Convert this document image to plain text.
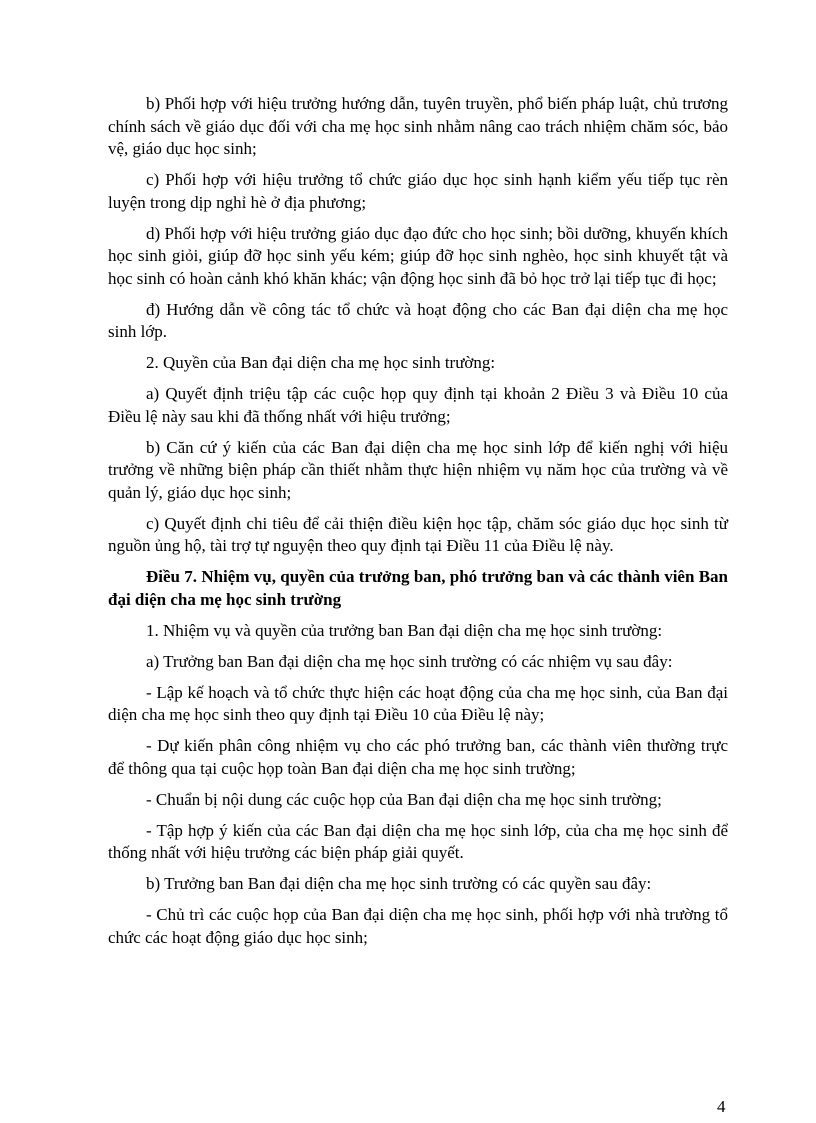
b) Phối hợp với hiệu trưởng hướng dẫn, tuyên truyền, phổ biến pháp luật, chủ trương chính sách về giáo dục đối với cha mẹ học sinh nhằm nâng cao trách nhiệm chăm sóc, bảo vệ, giáo dục học sinh;

c) Phối hợp với hiệu trưởng tổ chức giáo dục học sinh hạnh kiểm yếu tiếp tục rèn luyện trong dịp nghỉ hè ở địa phương;

d) Phối hợp với hiệu trưởng giáo dục đạo đức cho học sinh; bồi dưỡng, khuyến khích học sinh giỏi, giúp đỡ học sinh yếu kém; giúp đỡ học sinh nghèo, học sinh khuyết tật và học sinh có hoàn cảnh khó khăn khác; vận động học sinh đã bỏ học trở lại tiếp tục đi học;

đ) Hướng dẫn về công tác tổ chức và hoạt động cho các Ban đại diện cha mẹ học sinh lớp.

2. Quyền của Ban đại diện cha mẹ học sinh trường:

a) Quyết định triệu tập các cuộc họp quy định tại khoản 2 Điều 3 và Điều 10 của Điều lệ này sau khi đã thống nhất với hiệu trưởng;

b) Căn cứ ý kiến của các Ban đại diện cha mẹ học sinh lớp để kiến nghị với hiệu trưởng về những biện pháp cần thiết nhằm thực hiện nhiệm vụ năm học của trường và về quản lý, giáo dục học sinh;

c) Quyết định chi tiêu để cải thiện điều kiện học tập, chăm sóc giáo dục học sinh từ nguồn ủng hộ, tài trợ tự nguyện theo quy định tại Điều 11 của Điều lệ này.

Điều 7. Nhiệm vụ, quyền của trưởng ban, phó trưởng ban và các thành viên Ban đại diện cha mẹ học sinh trường

1. Nhiệm vụ và quyền của trưởng ban Ban đại diện cha mẹ học sinh trường:

a) Trưởng ban Ban đại diện cha mẹ học sinh trường có các nhiệm vụ sau đây:

- Lập kế hoạch và tổ chức thực hiện các hoạt động của cha mẹ học sinh, của Ban đại diện cha mẹ học sinh theo quy định tại Điều 10 của Điều lệ này;

- Dự kiến phân công nhiệm vụ cho các phó trưởng ban, các thành viên thường trực để thông qua tại cuộc họp toàn Ban đại diện cha mẹ học sinh trường;

- Chuẩn bị nội dung các cuộc họp của Ban đại diện cha mẹ học sinh trường;

- Tập hợp ý kiến của các Ban đại diện cha mẹ học sinh lớp, của cha mẹ học sinh để thống nhất với hiệu trưởng các biện pháp giải quyết.

b) Trưởng ban Ban đại diện cha mẹ học sinh trường có các quyền sau đây:

- Chủ trì các cuộc họp của Ban đại diện cha mẹ học sinh, phối hợp với nhà trường tổ chức các hoạt động giáo dục học sinh;

4
